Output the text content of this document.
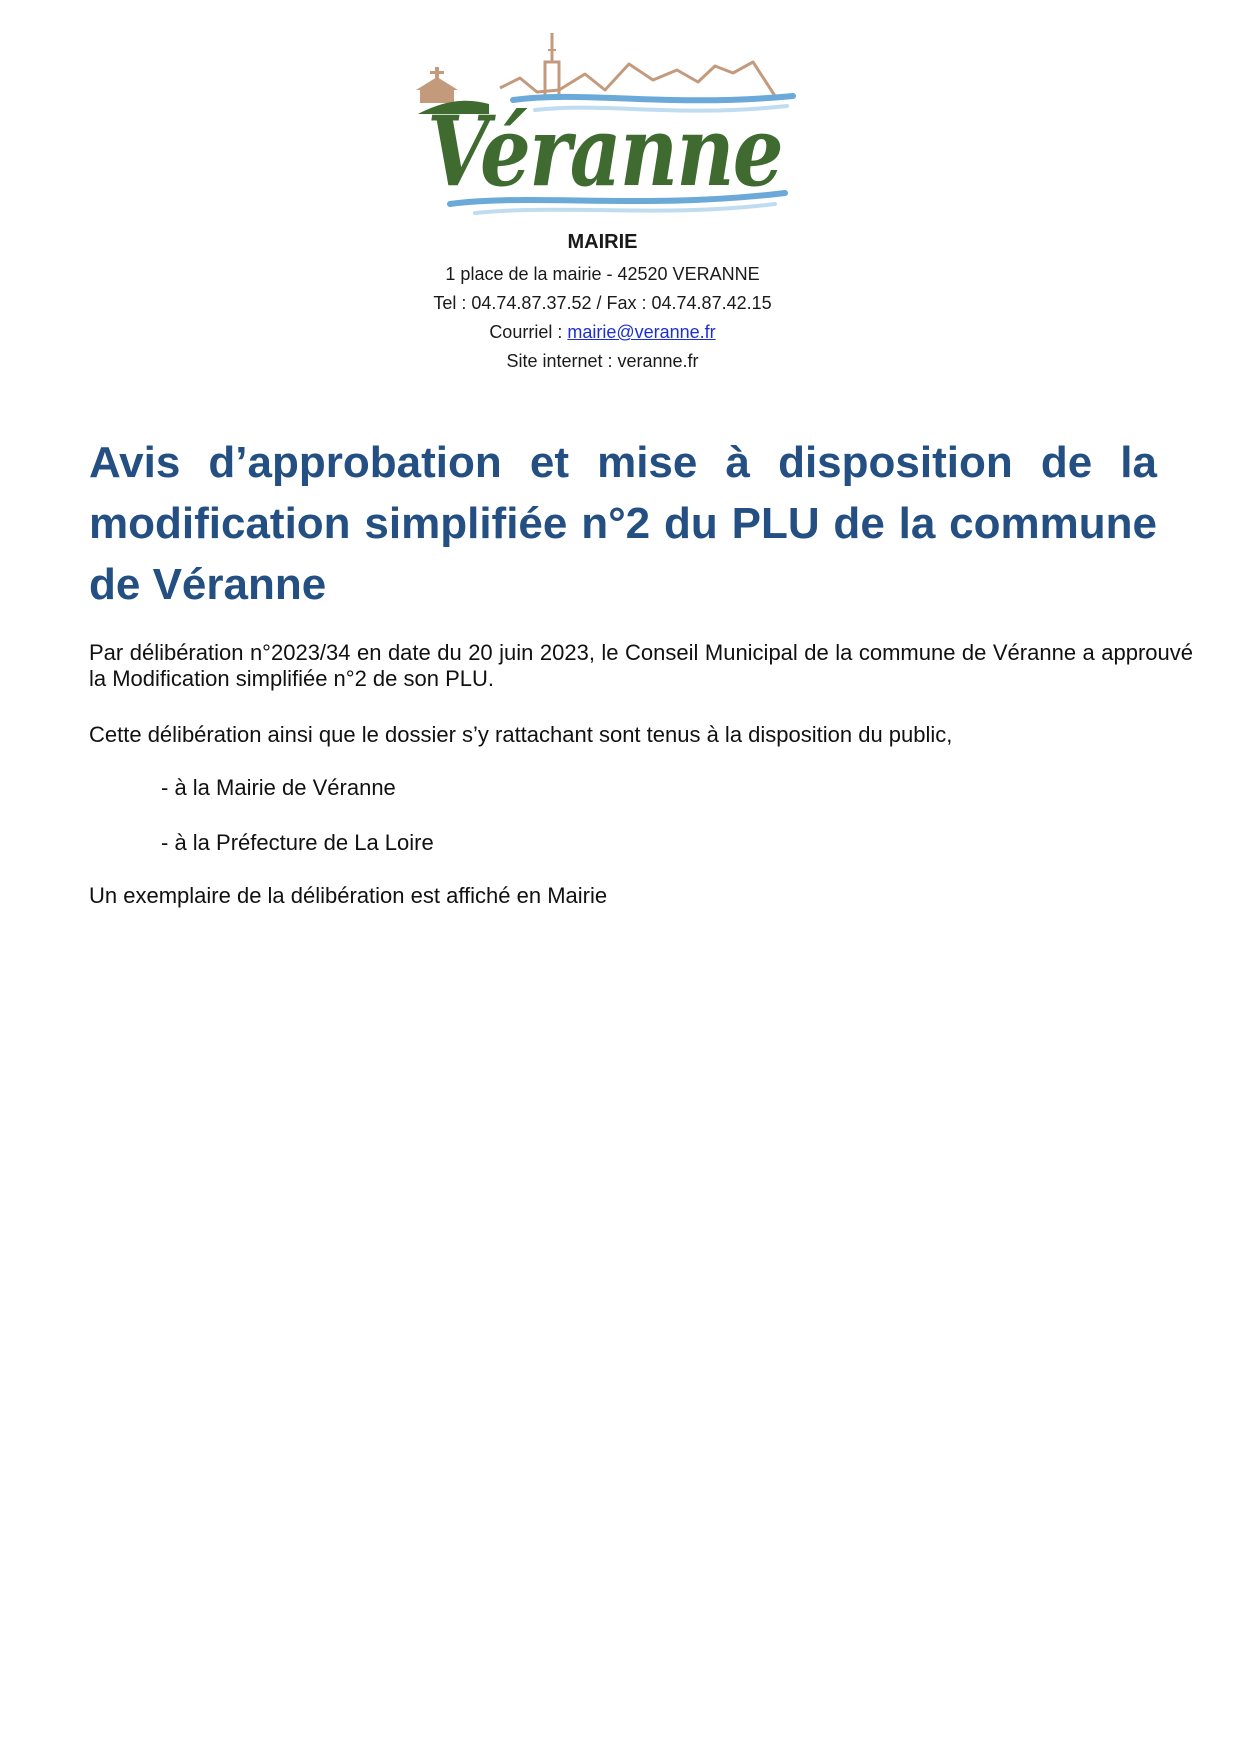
Véranne
MAIRIE
1 place de la mairie - 42520 VERANNE
Tel : 04.74.87.37.52 / Fax : 04.74.87.42.15
Courriel : mairie@veranne.fr
Site internet : veranne.fr
Avis d’approbation et mise à disposition de la modification simplifiée n°2 du PLU de la commune de Véranne

Par délibération n°2023/34 en date du 20 juin 2023, le Conseil Municipal de la commune de Véranne a approuvé la Modification simplifiée n°2 de son PLU.

Cette délibération ainsi que le dossier s’y rattachant sont tenus à la disposition du public,

- à la Mairie de Véranne

- à la Préfecture de La Loire

Un exemplaire de la délibération est affiché en Mairie
